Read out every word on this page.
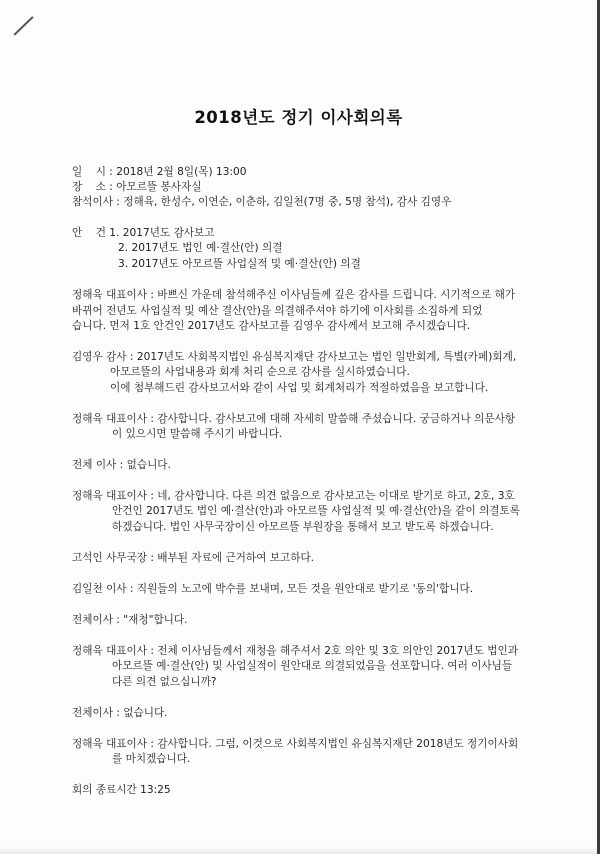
2018년도 정기 이사회의록
일    시 : 2018년 2월 8일(목) 13:00
장    소 : 아모르뜰 봉사자실
참석이사 : 정해육, 한성수, 이연순, 이춘하, 김일천(7명 중, 5명 참석), 감사 김영우
안    건 1. 2017년도 감사보고
2. 2017년도 법인 예·결산(안) 의결
3. 2017년도 아모르뜰 사업실적 및 예·결산(안) 의결
정해육 대표이사 : 바쁘신 가운데 참석해주신 이사님들께 깊은 감사를 드립니다. 시기적으로 해가
바뀌어 전년도 사업실적 및 예산 결산(안)을 의결해주셔야 하기에 이사회를 소집하게 되었
습니다. 먼저 1호 안건인 2017년도 감사보고를 김영우 감사께서 보고해 주시겠습니다.
김영우 감사 : 2017년도 사회복지법인 유심복지재단 감사보고는 법인 일반회계, 특별(카페)회계,
아모르뜰의 사업내용과 회계 처리 순으로 감사를 실시하였습니다.
이에 첨부해드린 감사보고서와 같이 사업 및 회계처리가 적절하였음을 보고합니다.
정해육 대표이사 : 감사합니다. 감사보고에 대해 자세히 말씀해 주셨습니다. 궁금하거나 의문사항
이 있으시면 말씀해 주시기 바랍니다.
전체 이사 : 없습니다.
정해육 대표이사 : 네, 감사합니다. 다른 의견 없음으로 감사보고는 이대로 받기로 하고, 2호, 3호
안건인 2017년도 법인 예·결산(안)과 아모르뜰 사업실적 및 예·결산(안)을 같이 의결토록
하겠습니다. 법인 사무국장이신 아모르뜰 부원장을 통해서 보고 받도록 하겠습니다.
고석인 사무국장 : 배부된 자료에 근거하여 보고하다.
김일천 이사 : 직원들의 노고에 박수를 보내며, 모든 것을 원안대로 받기로 '동의'합니다.
전체이사 : "재청"합니다.
정해육 대표이사 : 전체 이사님들께서 재청을 해주셔서 2호 의안 및 3호 의안인 2017년도 법인과
아모르뜰 예·결산(안) 및 사업실적이 원안대로 의결되었음을 선포합니다. 여러 이사님들
다른 의견 없으십니까?
전체이사 : 없습니다.
정해육 대표이사 : 감사합니다. 그럼, 이것으로 사회복지법인 유심복지재단 2018년도 정기이사회
를 마치겠습니다.
회의 종료시간 13:25
